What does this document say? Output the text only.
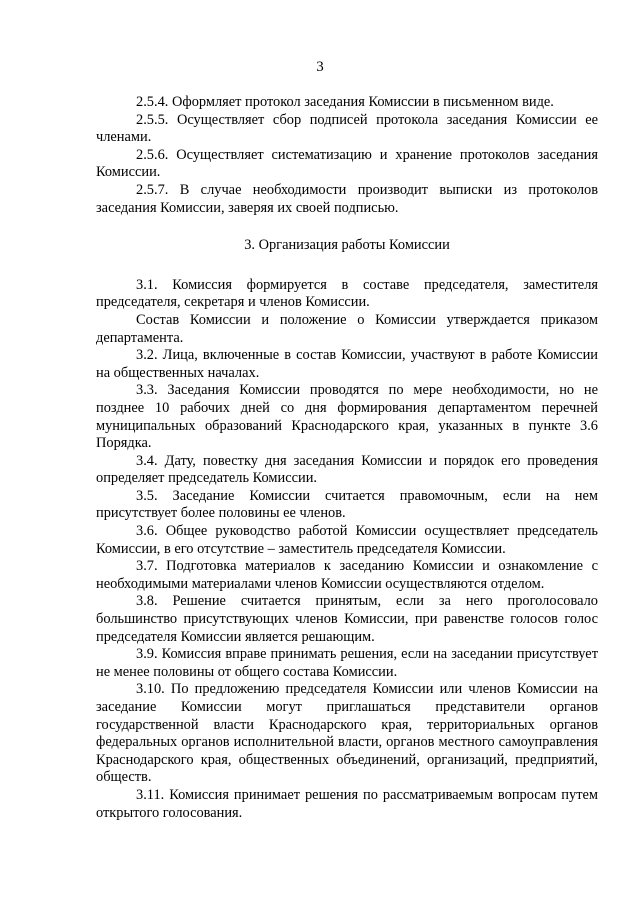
3

2.5.4. Оформляет протокол заседания Комиссии в письменном виде.

2.5.5. Осуществляет сбор подписей протокола заседания Комиссии ее членами.

2.5.6. Осуществляет систематизацию и хранение протоколов заседания Комиссии.

2.5.7. В случае необходимости производит выписки из протоколов заседания Комиссии, заверяя их своей подписью.

3. Организация работы Комиссии

3.1. Комиссия формируется в составе председателя, заместителя председателя, секретаря и членов Комиссии.

Состав Комиссии и положение о Комиссии утверждается приказом департамента.

3.2. Лица, включенные в состав Комиссии, участвуют в работе Комиссии на общественных началах.

3.3. Заседания Комиссии проводятся по мере необходимости, но не позднее 10 рабочих дней со дня формирования департаментом перечней муниципальных образований Краснодарского края, указанных в пункте 3.6 Порядка.

3.4. Дату, повестку дня заседания Комиссии и порядок его проведения определяет председатель Комиссии.

3.5. Заседание Комиссии считается правомочным, если на нем присутствует более половины ее членов.

3.6. Общее руководство работой Комиссии осуществляет председатель Комиссии, в его отсутствие – заместитель председателя Комиссии.

3.7. Подготовка материалов к заседанию Комиссии и ознакомление с необходимыми материалами членов Комиссии осуществляются отделом.

3.8. Решение считается принятым, если за него проголосовало большинство присутствующих членов Комиссии, при равенстве голосов голос председателя Комиссии является решающим.

3.9. Комиссия вправе принимать решения, если на заседании присутствует не менее половины от общего состава Комиссии.

3.10. По предложению председателя Комиссии или членов Комиссии на заседание Комиссии могут приглашаться представители органов государственной власти Краснодарского края, территориальных органов федеральных органов исполнительной власти, органов местного самоуправления Краснодарского края, общественных объединений, организаций, предприятий, обществ.

3.11. Комиссия принимает решения по рассматриваемым вопросам путем открытого голосования.
